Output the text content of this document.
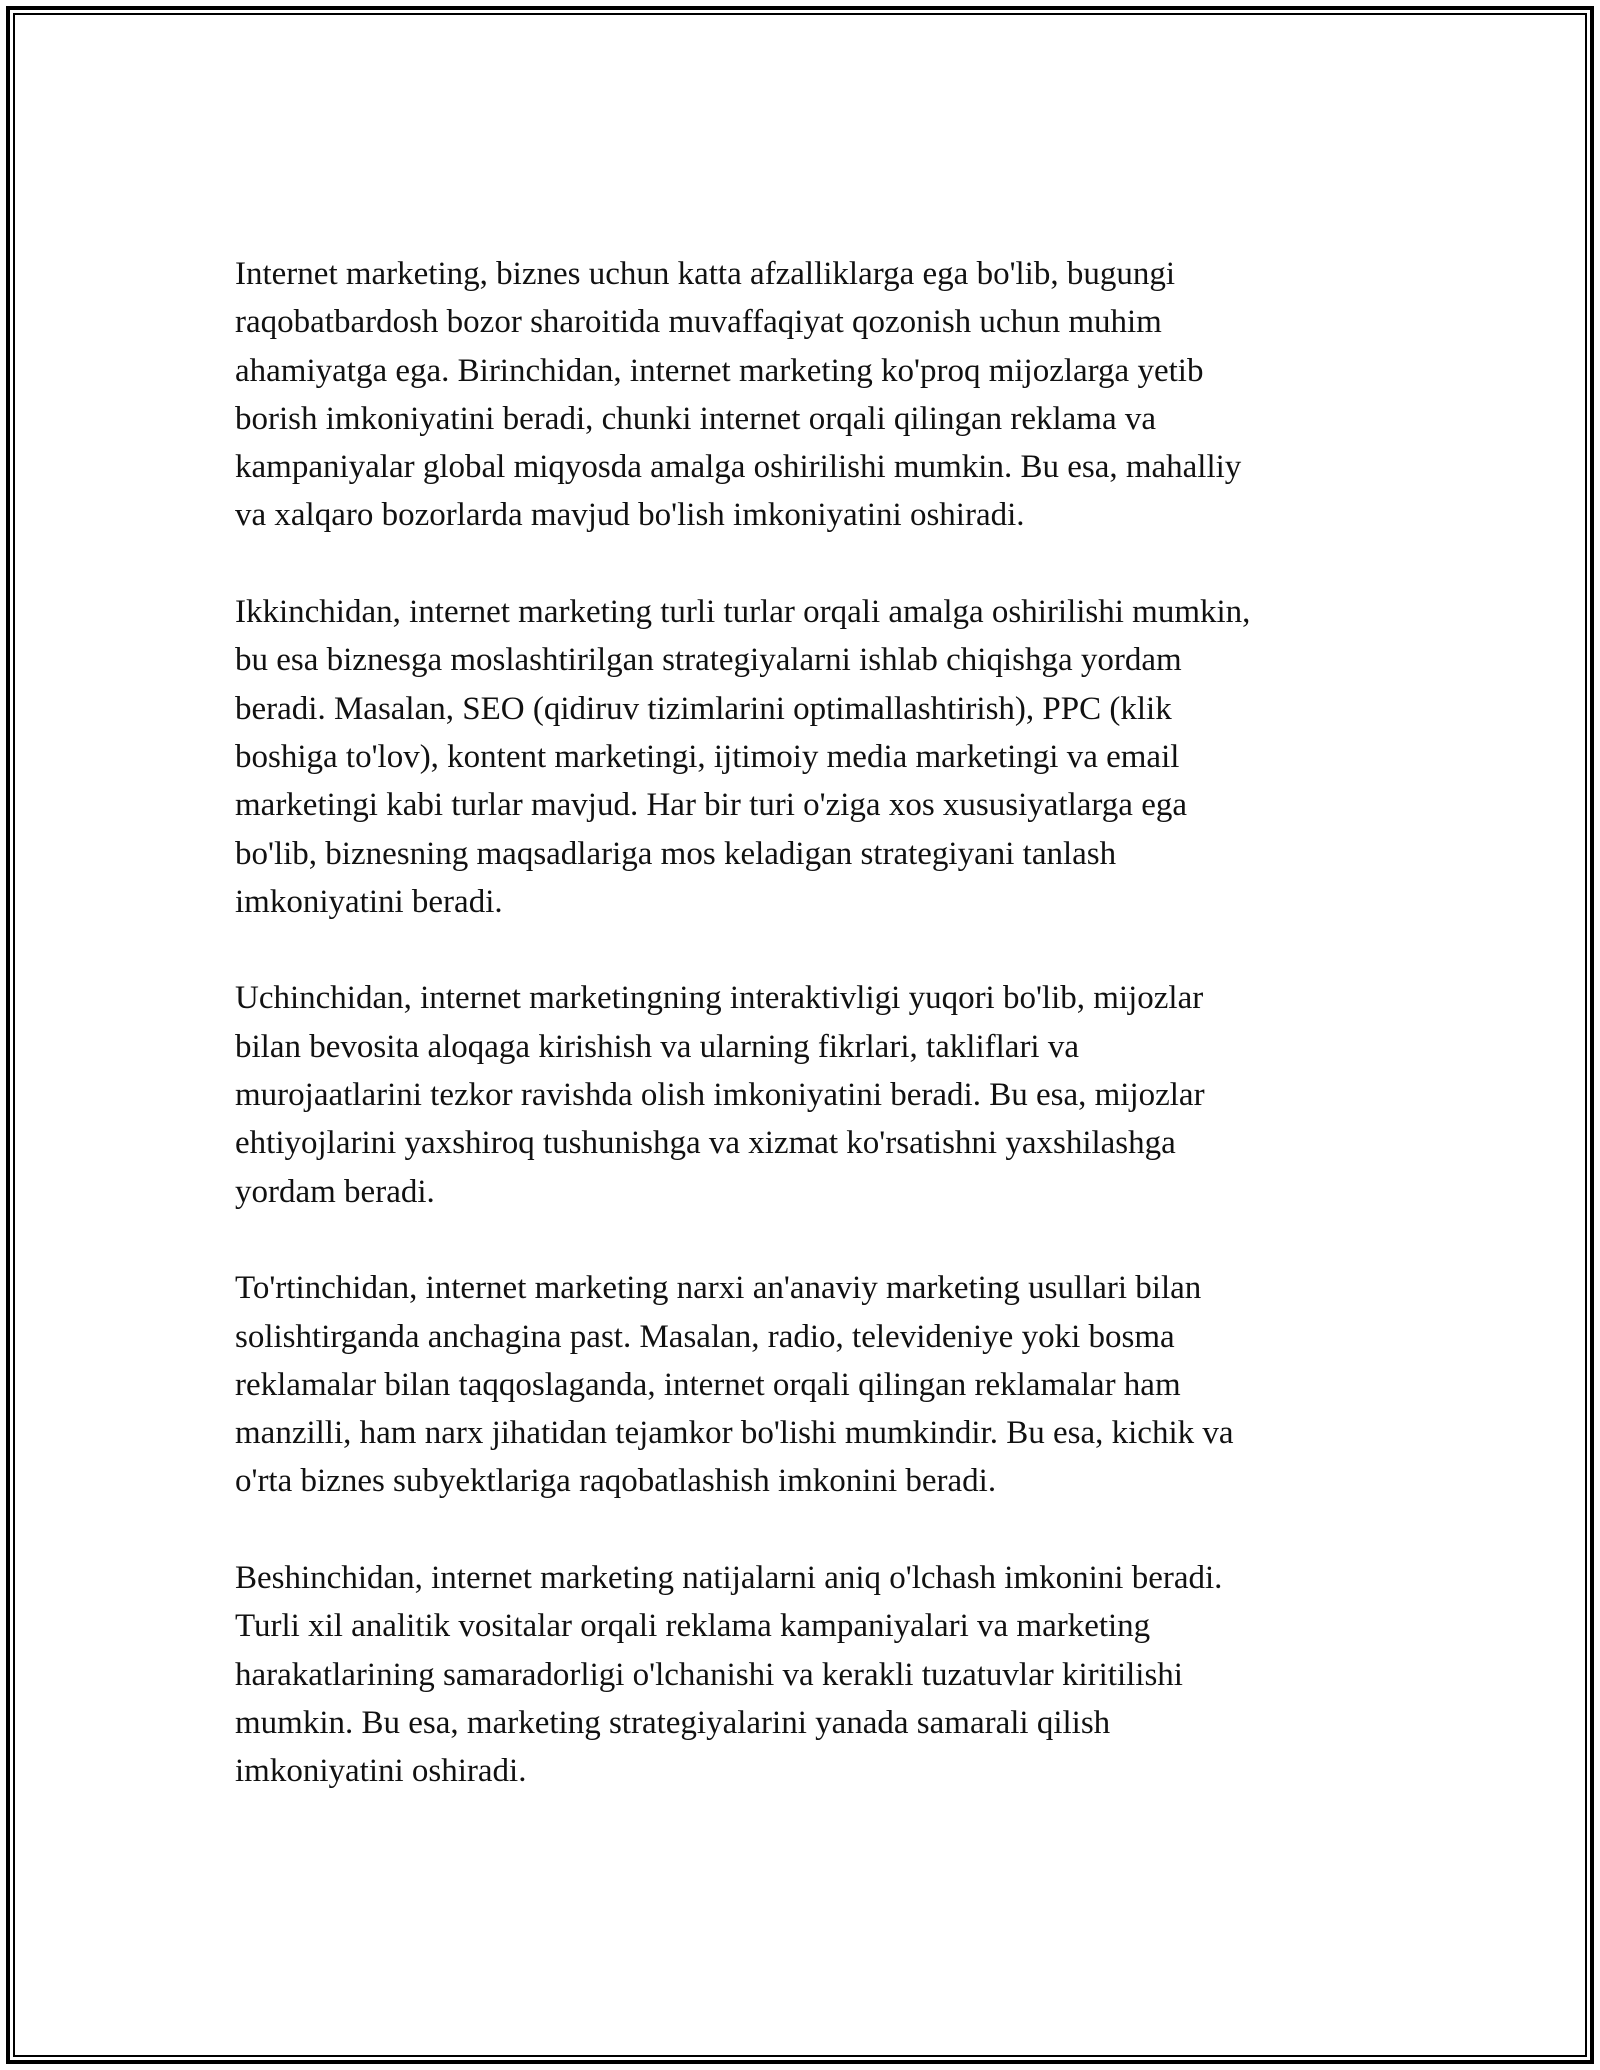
Internet marketing, biznes uchun katta afzalliklarga ega bo'lib, bugungi
raqobatbardosh bozor sharoitida muvaffaqiyat qozonish uchun muhim
ahamiyatga ega. Birinchidan, internet marketing ko'proq mijozlarga yetib
borish imkoniyatini beradi, chunki internet orqali qilingan reklama va
kampaniyalar global miqyosda amalga oshirilishi mumkin. Bu esa, mahalliy
va xalqaro bozorlarda mavjud bo'lish imkoniyatini oshiradi.

Ikkinchidan, internet marketing turli turlar orqali amalga oshirilishi mumkin,
bu esa biznesga moslashtirilgan strategiyalarni ishlab chiqishga yordam
beradi. Masalan, SEO (qidiruv tizimlarini optimallashtirish), PPC (klik
boshiga to'lov), kontent marketingi, ijtimoiy media marketingi va email
marketingi kabi turlar mavjud. Har bir turi o'ziga xos xususiyatlarga ega
bo'lib, biznesning maqsadlariga mos keladigan strategiyani tanlash
imkoniyatini beradi.

Uchinchidan, internet marketingning interaktivligi yuqori bo'lib, mijozlar
bilan bevosita aloqaga kirishish va ularning fikrlari, takliflari va
murojaatlarini tezkor ravishda olish imkoniyatini beradi. Bu esa, mijozlar
ehtiyojlarini yaxshiroq tushunishga va xizmat ko'rsatishni yaxshilashga
yordam beradi.

To'rtinchidan, internet marketing narxi an'anaviy marketing usullari bilan
solishtirganda anchagina past. Masalan, radio, televideniye yoki bosma
reklamalar bilan taqqoslaganda, internet orqali qilingan reklamalar ham
manzilli, ham narx jihatidan tejamkor bo'lishi mumkindir. Bu esa, kichik va
o'rta biznes subyektlariga raqobatlashish imkonini beradi.

Beshinchidan, internet marketing natijalarni aniq o'lchash imkonini beradi.
Turli xil analitik vositalar orqali reklama kampaniyalari va marketing
harakatlarining samaradorligi o'lchanishi va kerakli tuzatuvlar kiritilishi
mumkin. Bu esa, marketing strategiyalarini yanada samarali qilish
imkoniyatini oshiradi.
